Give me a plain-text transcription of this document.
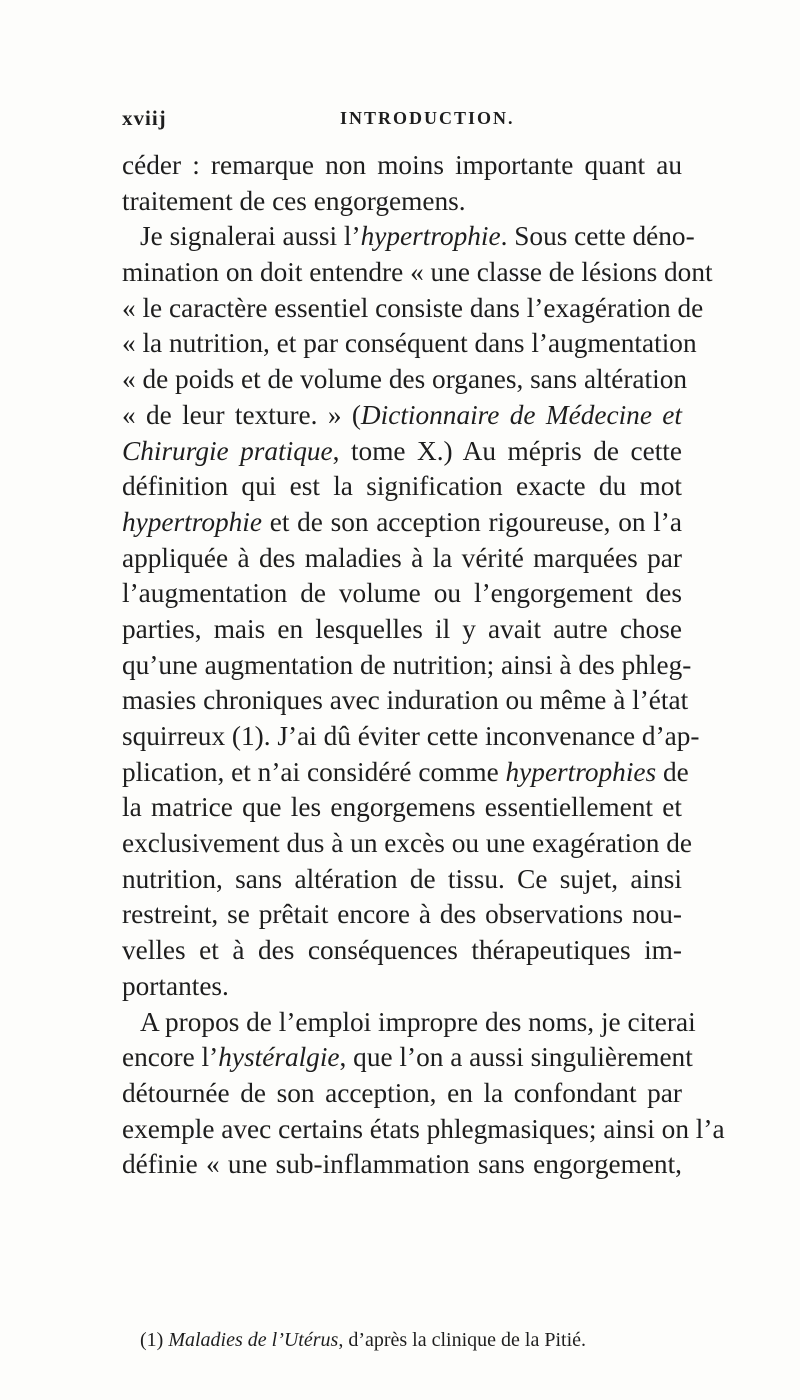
xviij	INTRODUCTION.
céder : remarque non moins importante quant au
traitement de ces engorgemens.
Je signalerai aussi l’hypertrophie. Sous cette déno-
mination on doit entendre « une classe de lésions dont
« le caractère essentiel consiste dans l’exagération de
« la nutrition, et par conséquent dans l’augmentation
« de poids et de volume des organes, sans altération
« de leur texture. » (Dictionnaire de Médecine et
Chirurgie pratique, tome X.) Au mépris de cette
définition qui est la signification exacte du mot
hypertrophie et de son acception rigoureuse, on l’a
appliquée à des maladies à la vérité marquées par
l’augmentation de volume ou l’engorgement des
parties, mais en lesquelles il y avait autre chose
qu’une augmentation de nutrition; ainsi à des phleg-
masies chroniques avec induration ou même à l’état
squirreux (1). J’ai dû éviter cette inconvenance d’ap-
plication, et n’ai considéré comme hypertrophies de
la matrice que les engorgemens essentiellement et
exclusivement dus à un excès ou une exagération de
nutrition, sans altération de tissu. Ce sujet, ainsi
restreint, se prêtait encore à des observations nou-
velles et à des conséquences thérapeutiques im-
portantes.
A propos de l’emploi impropre des noms, je citerai
encore l’hystéralgie, que l’on a aussi singulièrement
détournée de son acception, en la confondant par
exemple avec certains états phlegmasiques; ainsi on l’a
définie « une sub-inflammation sans engorgement,
(1) Maladies de l’Utérus, d’après la clinique de la Pitié.
